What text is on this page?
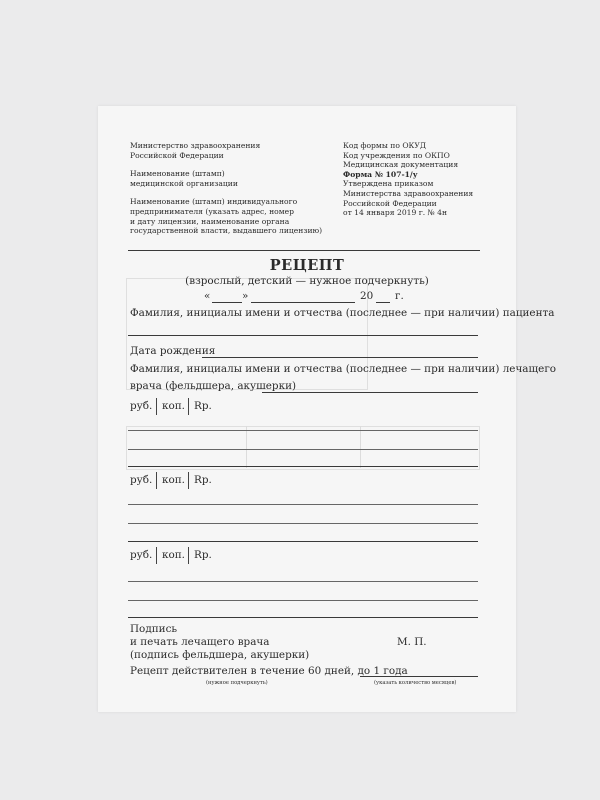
Министерство здравоохранения
Российской Федерации
Наименование (штамп)
медицинской организации
Наименование (штамп) индивидуального
предпринимателя (указать адрес, номер
и дату лицензии, наименование органа
государственной власти, выдавшего лицензию)
Код формы по ОКУД
Код учреждения по ОКПО
Медицинская документация
Форма № 107-1/у
Утверждена приказом
Министерства здравоохранения
Российской Федерации
от 14 января 2019 г. № 4н
РЕЦЕПТ
(взрослый, детский — нужное подчеркнуть)
«	»	20 г.
Фамилия, инициалы имени и отчества (последнее — при наличии) пациента
Дата рождения
Фамилия, инициалы имени и отчества (последнее — при наличии) лечащего
врача (фельдшера, акушерки)
руб. коп. Rp.
руб. коп. Rp.
руб. коп. Rp.
Подпись
и печать лечащего врача
(подпись фельдшера, акушерки)
М. П.
Рецепт действителен в течение 60 дней, до 1 года
(нужное подчеркнуть)	(указать количество месяцев)
